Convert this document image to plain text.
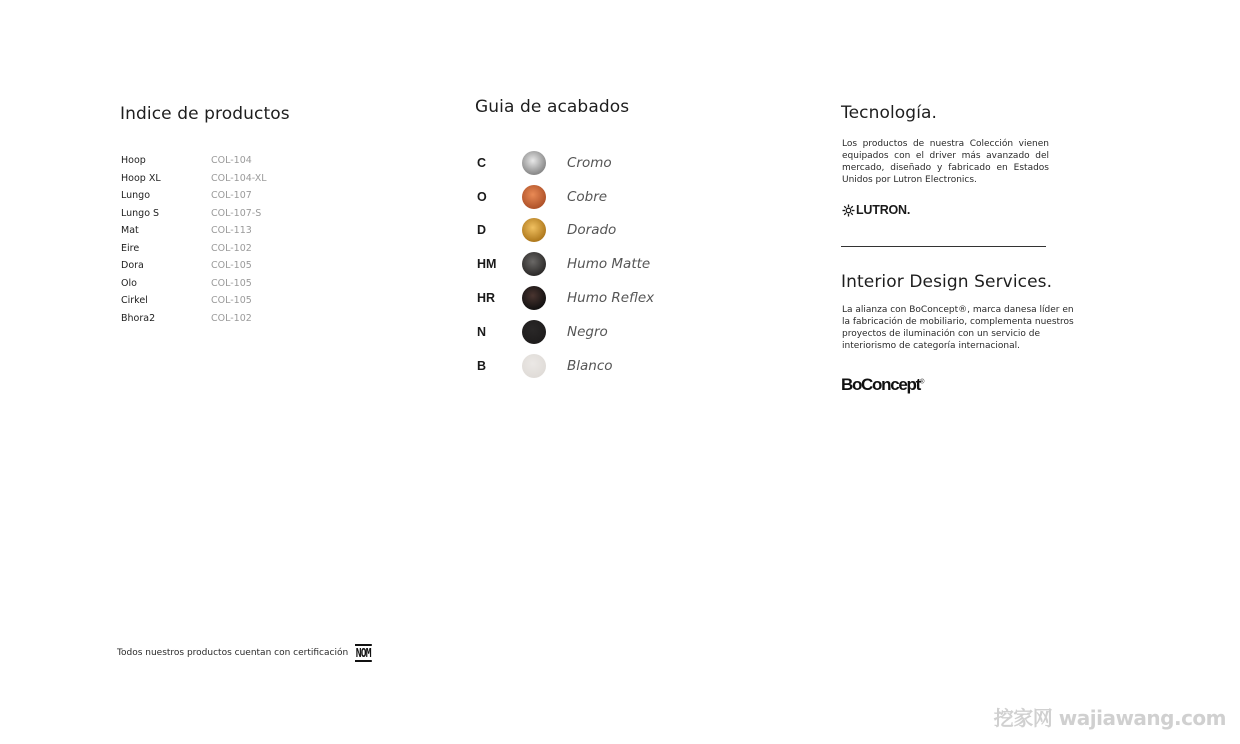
Indice de productos
Hoop	COL-104
Hoop XL	COL-104-XL
Lungo	COL-107
Lungo S	COL-107-S
Mat	COL-113
Eire	COL-102
Dora	COL-105
Olo	COL-105
Cirkel	COL-105
Bhora2	COL-102
Guia de acabados
C	Cromo
O	Cobre
D	Dorado
HM	Humo Matte
HR	Humo Reflex
N	Negro
B	Blanco
Tecnología.
Los productos de nuestra Colección vienen equipados con el driver más avanzado del mercado, diseñado y fabricado en Estados Unidos por Lutron Electronics.
LUTRON.
Interior Design Services.
La alianza con BoConcept®, marca danesa líder en la fabricación de mobiliario, complementa nuestros proyectos de iluminación con un servicio de interiorismo de categoría internacional.
BoConcept®
Todos nuestros productos cuentan con certificación NOM
挖家网 wajiawang.com
